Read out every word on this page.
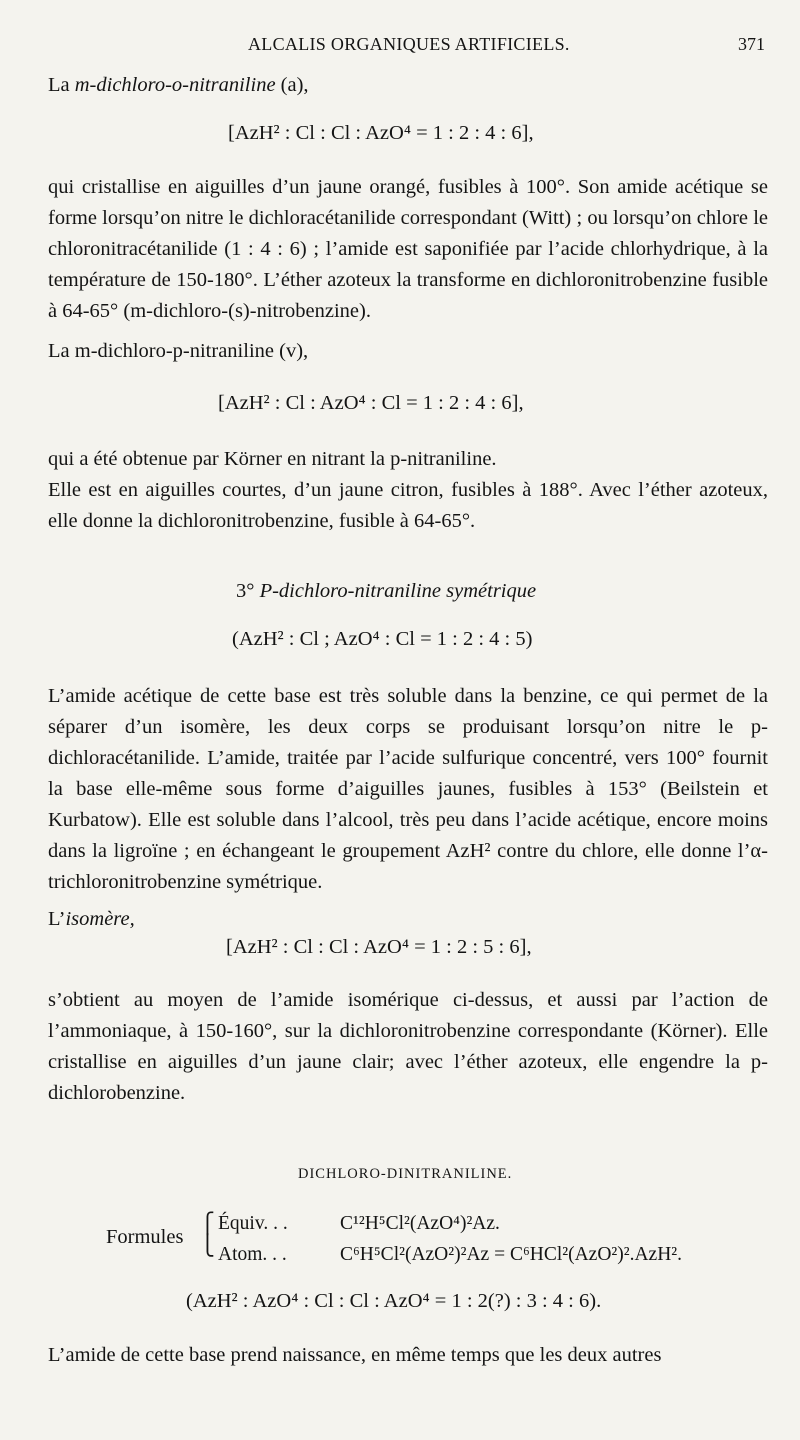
ALCALIS ORGANIQUES ARTIFICIELS.	371

La m-dichloro-o-nitraniline (a),

[AzH² : Cl : Cl : AzO⁴ = 1 : 2 : 4 : 6],

qui cristallise en aiguilles d’un jaune orangé, fusibles à 100°. Son amide acétique se forme lorsqu’on nitre le dichloracétanilide correspondant (Witt) ; ou lorsqu’on chlore le chloronitracétanilide (1 : 4 : 6) ; l’amide est saponifiée par l’acide chlorhydrique, à la température de 150-180°. L’éther azoteux la transforme en dichloronitrobenzine fusible à 64-65° (m-dichloro-(s)-nitrobenzine).

La m-dichloro-p-nitraniline (v),

[AzH² : Cl : AzO⁴ : Cl = 1 : 2 : 4 : 6],

qui a été obtenue par Körner en nitrant la p-nitraniline.

Elle est en aiguilles courtes, d’un jaune citron, fusibles à 188°. Avec l’éther azoteux, elle donne la dichloronitrobenzine, fusible à 64-65°.

3° P-dichloro-nitraniline symétrique

(AzH² : Cl ; AzO⁴ : Cl = 1 : 2 : 4 : 5)

L’amide acétique de cette base est très soluble dans la benzine, ce qui permet de la séparer d’un isomère, les deux corps se produisant lorsqu’on nitre le p-dichloracétanilide. L’amide, traitée par l’acide sulfurique concentré, vers 100° fournit la base elle-même sous forme d’aiguilles jaunes, fusibles à 153° (Beilstein et Kurbatow). Elle est soluble dans l’alcool, très peu dans l’acide acétique, encore moins dans la ligroïne ; en échangeant le groupement AzH² contre du chlore, elle donne l’α-trichloronitrobenzine symétrique.

L’isomère,

[AzH² : Cl : Cl : AzO⁴ = 1 : 2 : 5 : 6],

s’obtient au moyen de l’amide isomérique ci-dessus, et aussi par l’action de l’ammoniaque, à 150-160°, sur la dichloronitrobenzine correspondante (Körner). Elle cristallise en aiguilles d’un jaune clair; avec l’éther azoteux, elle engendre la p-dichlorobenzine.

DICHLORO-DINITRANILINE.

Formules

⎧
⎩

Équiv. . .	C¹²H⁵Cl²(AzO⁴)²Az.

Atom. . .	C⁶H⁵Cl²(AzO²)²Az = C⁶HCl²(AzO²)².AzH².

(AzH² : AzO⁴ : Cl : Cl : AzO⁴ = 1 : 2(?) : 3 : 4 : 6).

L’amide de cette base prend naissance, en même temps que les deux autres
